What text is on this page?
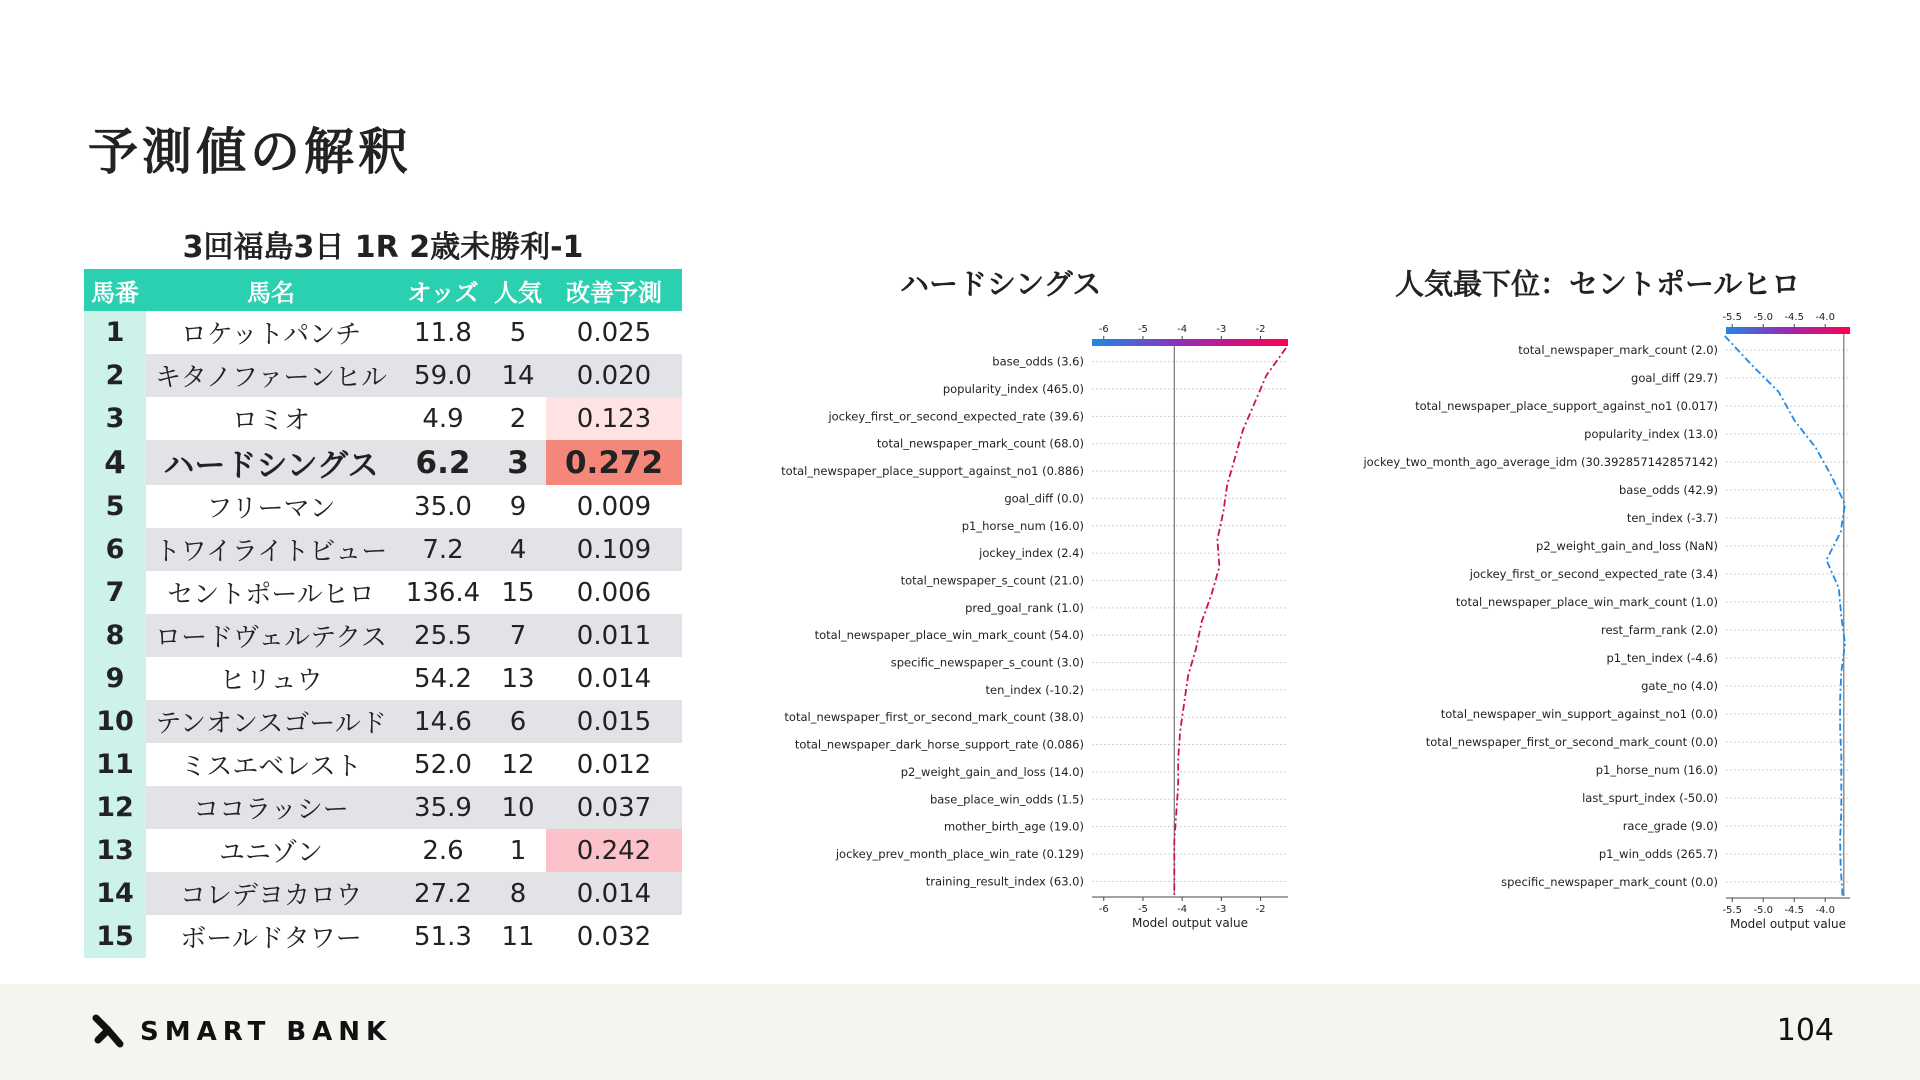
予測値の解釈
3回福島3日 1R 2歳未勝利-1
馬番	馬名	オッズ	人気	改善予測
1	ロケットパンチ	11.8	5	0.025
2	キタノファーンヒル	59.0	14	0.020
3	ロミオ	4.9	2	0.123
4	ハードシングス	6.2	3	0.272
5	フリーマン	35.0	9	0.009
6	トワイライトビュー	7.2	4	0.109
7	セントポールヒロ	136.4	15	0.006
8	ロードヴェルテクス	25.5	7	0.011
9	ヒリュウ	54.2	13	0.014
10	テンオンスゴールド	14.6	6	0.015
11	ミスエベレスト	52.0	12	0.012
12	ココラッシー	35.9	10	0.037
13	ユニゾン	2.6	1	0.242
14	コレデヨカロウ	27.2	8	0.014
15	ボールドタワー	51.3	11	0.032
ハードシングス	人気最下位：セントポールヒロ
-6	-5	-4	-3	-2
base_odds (3.6)
popularity_index (465.0)
jockey_first_or_second_expected_rate (39.6)
total_newspaper_mark_count (68.0)
total_newspaper_place_support_against_no1 (0.886)
goal_diff (0.0)
p1_horse_num (16.0)
jockey_index (2.4)
total_newspaper_s_count (21.0)
pred_goal_rank (1.0)
total_newspaper_place_win_mark_count (54.0)
specific_newspaper_s_count (3.0)
ten_index (-10.2)
total_newspaper_first_or_second_mark_count (38.0)
total_newspaper_dark_horse_support_rate (0.086)
p2_weight_gain_and_loss (14.0)
base_place_win_odds (1.5)
mother_birth_age (19.0)
jockey_prev_month_place_win_rate (0.129)
training_result_index (63.0)
-6	-5	-4	-3	-2
Model output value
-5.5 -5.0 -4.5 -4.0
total_newspaper_mark_count (2.0)
goal_diff (29.7)
total_newspaper_place_support_against_no1 (0.017)
popularity_index (13.0)
jockey_two_month_ago_average_idm (30.392857142857142)
base_odds (42.9)
ten_index (-3.7)
p2_weight_gain_and_loss (NaN)
jockey_first_or_second_expected_rate (3.4)
total_newspaper_place_win_mark_count (1.0)
rest_farm_rank (2.0)
p1_ten_index (-4.6)
gate_no (4.0)
total_newspaper_win_support_against_no1 (0.0)
total_newspaper_first_or_second_mark_count (0.0)
p1_horse_num (16.0)
last_spurt_index (-50.0)
race_grade (9.0)
p1_win_odds (265.7)
specific_newspaper_mark_count (0.0)
-5.5 -5.0 -4.5 -4.0
Model output value
SMART BANK	104
